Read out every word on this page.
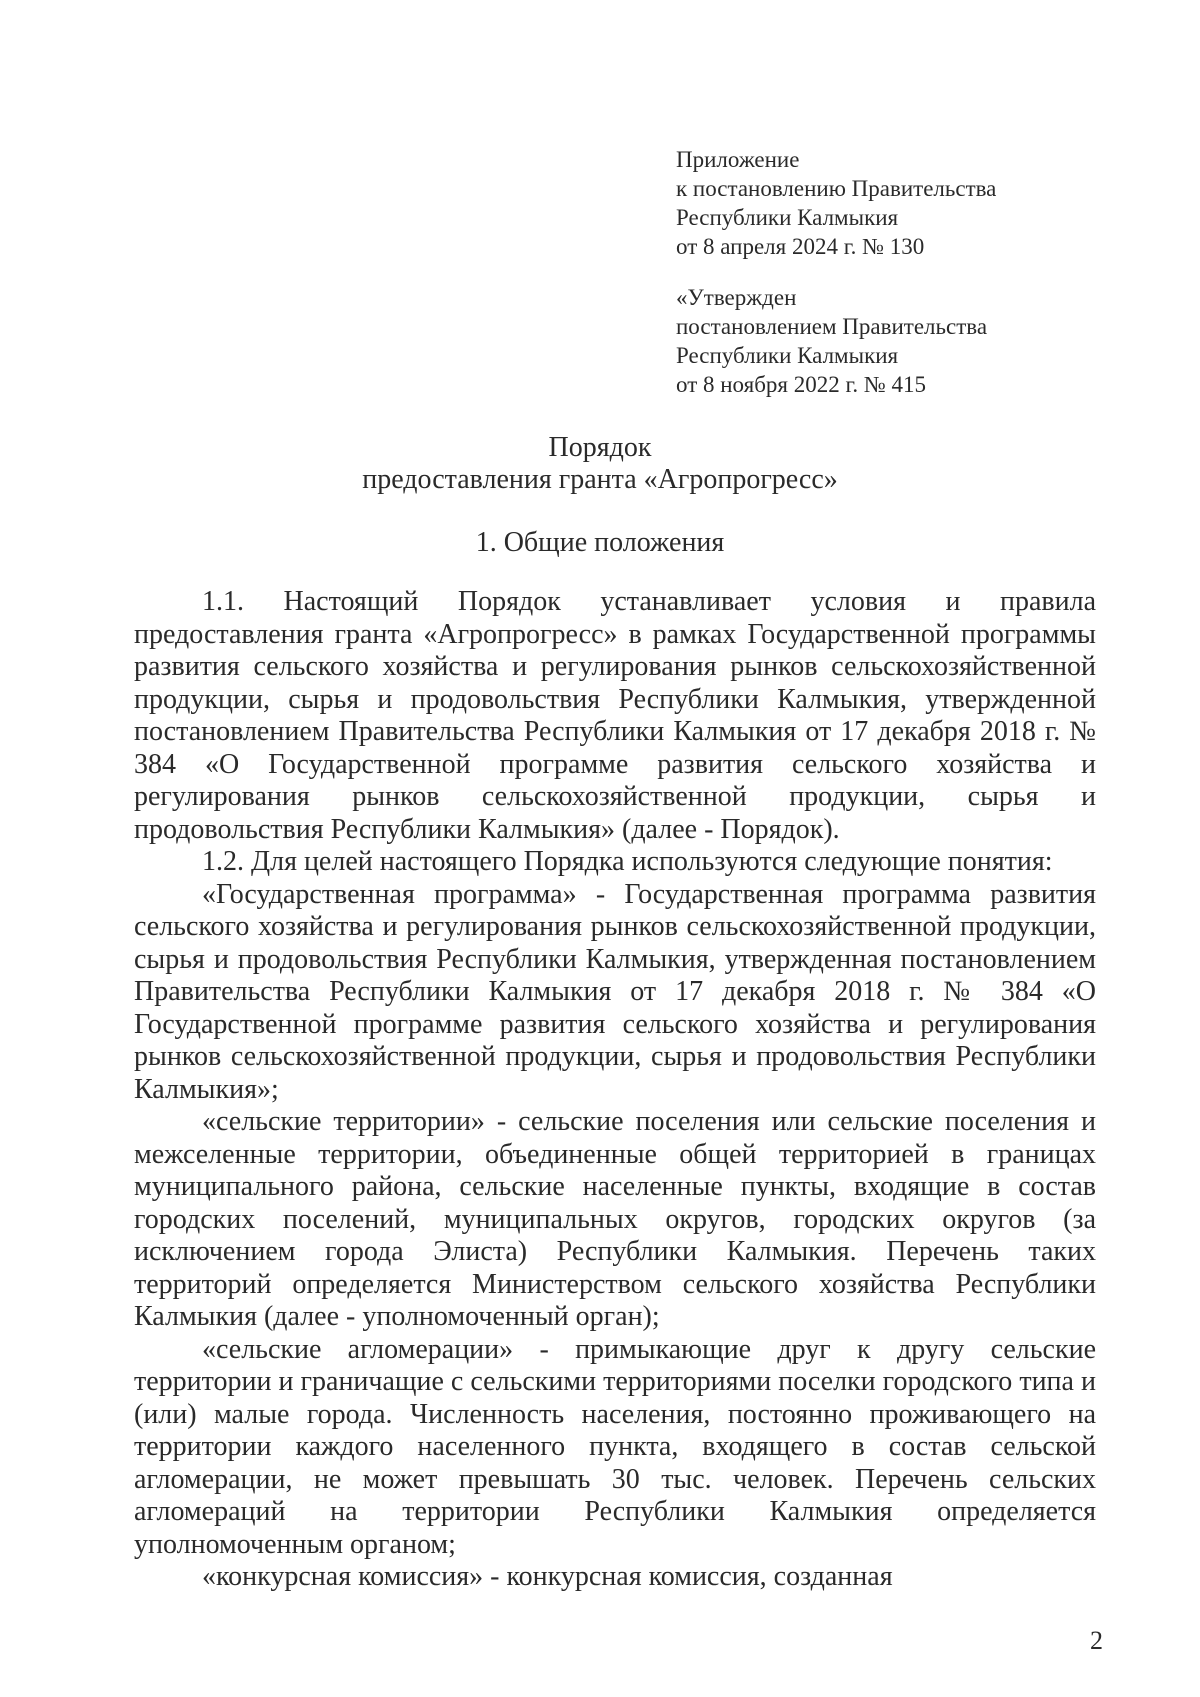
Приложение

к постановлению Правительства

Республики Калмыкия

от 8 апреля 2024 г. № 130

«Утвержден

постановлением Правительства

Республики Калмыкия

от 8 ноября 2022 г. № 415

Порядок
предоставления гранта «Агропрогресс»
1. Общие положения

1.1. Настоящий Порядок устанавливает условия и правила предоставления гранта «Агропрогресс» в рамках Государственной программы развития сельского хозяйства и регулирования рынков сельскохозяйственной продукции, сырья и продовольствия Республики Калмыкия, утвержденной постановлением Правительства Республики Калмыкия от 17 декабря 2018 г. № 384 «О Государственной программе развития сельского хозяйства и регулирования рынков сельскохозяйственной продукции, сырья и продовольствия Республики Калмыкия» (далее - Порядок).

1.2. Для целей настоящего Порядка используются следующие понятия:

«Государственная программа» - Государственная программа развития сельского хозяйства и регулирования рынков сельскохозяйственной продукции, сырья и продовольствия Республики Калмыкия, утвержденная постановлением Правительства Республики Калмыкия от 17 декабря 2018 г. № 384 «О Государственной программе развития сельского хозяйства и регулирования рынков сельскохозяйственной продукции, сырья и продовольствия Республики Калмыкия»;

«сельские территории» - сельские поселения или сельские поселения и межселенные территории, объединенные общей территорией в границах муниципального района, сельские населенные пункты, входящие в состав городских поселений, муниципальных округов, городских округов (за исключением города Элиста) Республики Калмыкия. Перечень таких территорий определяется Министерством сельского хозяйства Республики Калмыкия (далее - уполномоченный орган);

«сельские агломерации» - примыкающие друг к другу сельские территории и граничащие с сельскими территориями поселки городского типа и (или) малые города. Численность населения, постоянно проживающего на территории каждого населенного пункта, входящего в состав сельской агломерации, не может превышать 30 тыс. человек. Перечень сельских агломераций на территории Республики Калмыкия определяется уполномоченным органом;

«конкурсная комиссия» - конкурсная комиссия, созданная

2
